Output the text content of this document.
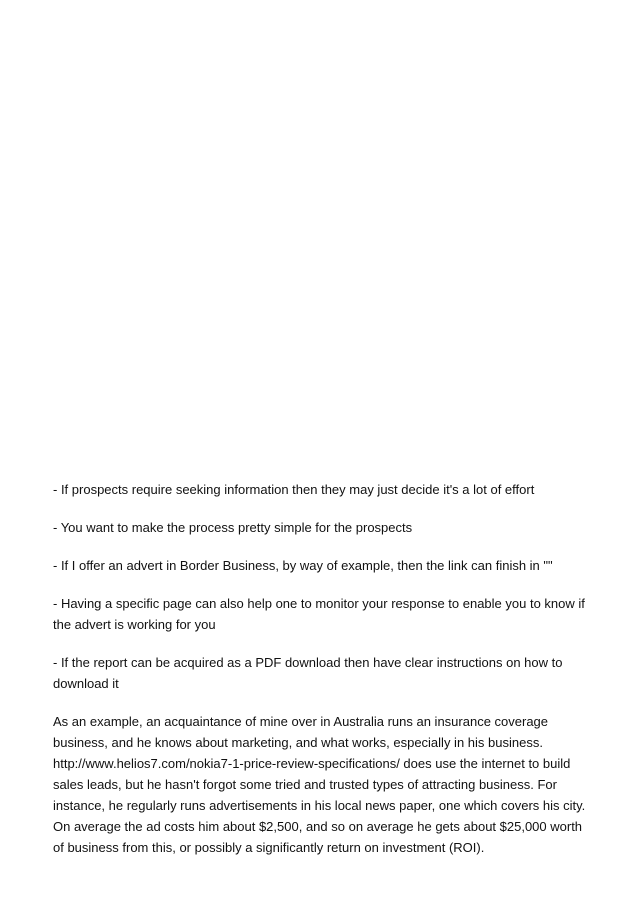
- If prospects require seeking information then they may just decide it's a lot of effort

- You want to make the process pretty simple for the prospects

- If I offer an advert in Border Business, by way of example, then the link can finish in ""

- Having a specific page can also help one to monitor your response to enable you to know if the advert is working for you

- If the report can be acquired as a PDF download then have clear instructions on how to download it

As an example, an acquaintance of mine over in Australia runs an insurance coverage business, and he knows about marketing, and what works, especially in his business. http://www.helios7.com/nokia7-1-price-review-specifications/ does use the internet to build sales leads, but he hasn't forgot some tried and trusted types of attracting business. For instance, he regularly runs advertisements in his local news paper, one which covers his city. On average the ad costs him about $2,500, and so on average he gets about $25,000 worth of business from this, or possibly a significantly return on investment (ROI).
